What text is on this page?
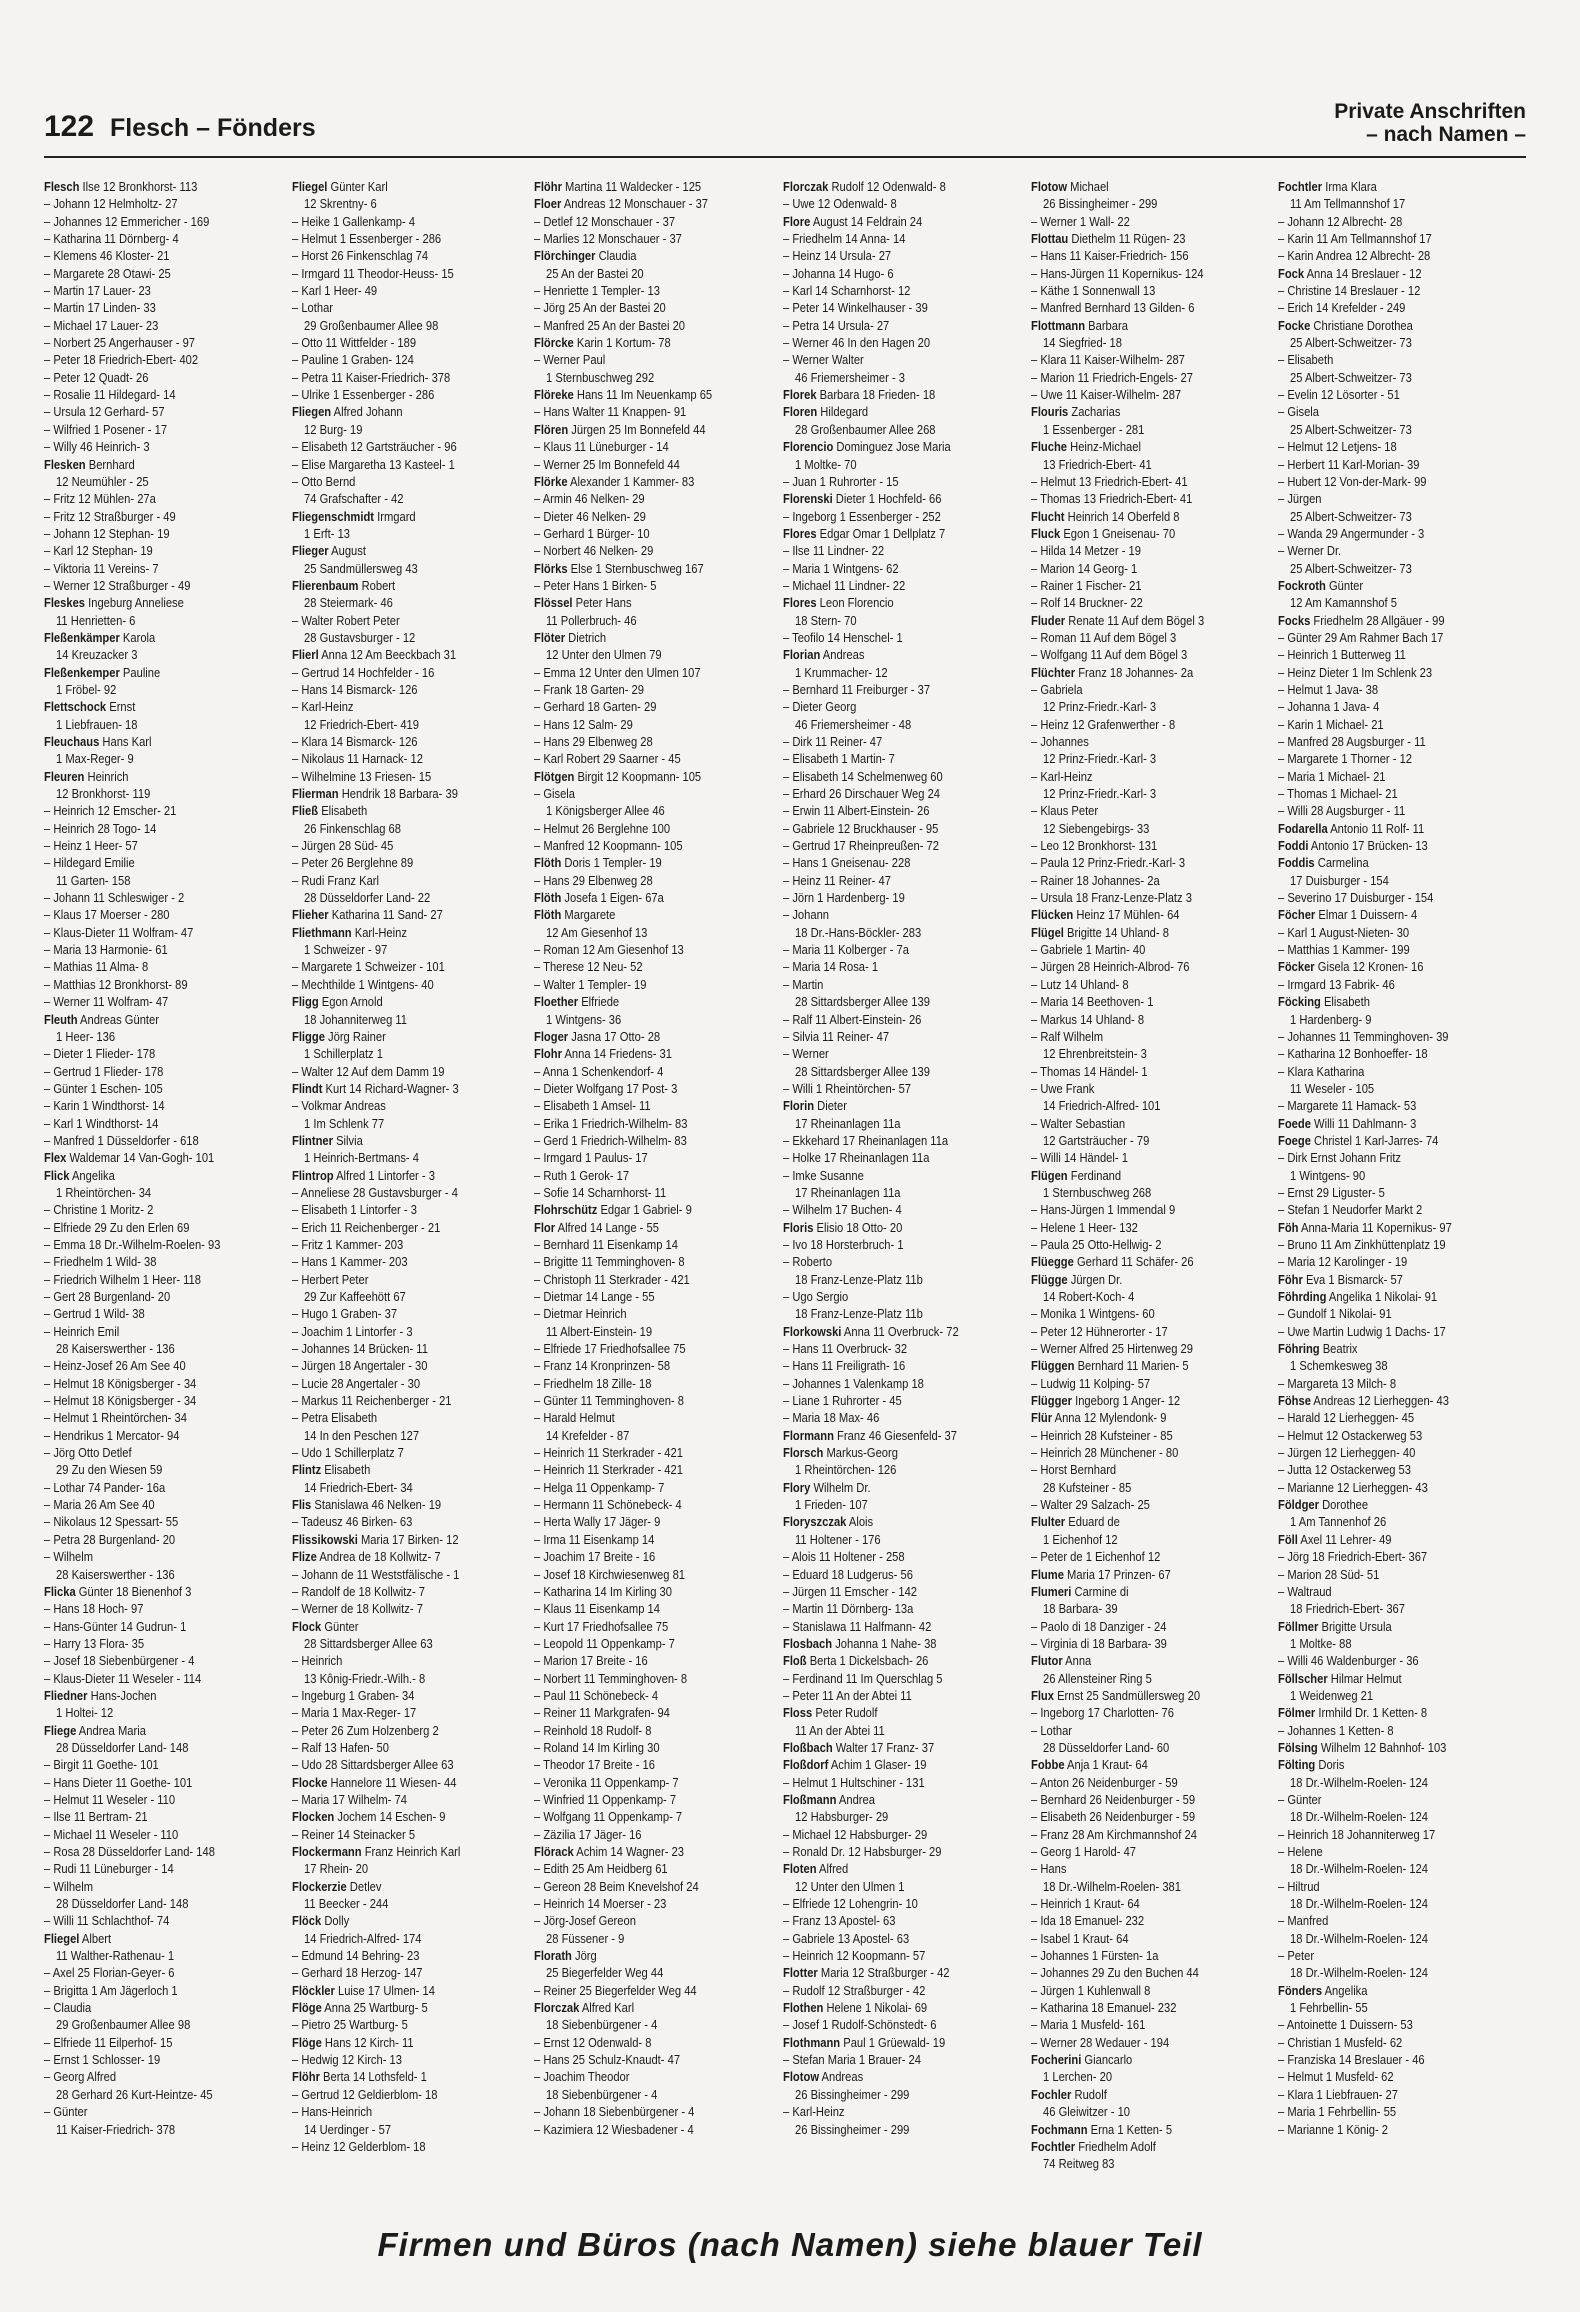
122 Flesch – Fönders
Private Anschriften
– nach Namen –
Flesch Ilse 12 Bronkhorst- 113
– Johann 12 Helmholtz- 27
– Johannes 12 Emmericher - 169
– Katharina 11 Dörnberg- 4
– Klemens 46 Kloster- 21
– Margarete 28 Otawi- 25
– Martin 17 Lauer- 23
– Martin 17 Linden- 33
– Michael 17 Lauer- 23
– Norbert 25 Angerhauser - 97
– Peter 18 Friedrich-Ebert- 402
– Peter 12 Quadt- 26
– Rosalie 11 Hildegard- 14
– Ursula 12 Gerhard- 57
– Wilfried 1 Posener - 17
– Willy 46 Heinrich- 3
Flesken Bernhard
12 Neumühler - 25
– Fritz 12 Mühlen- 27a
– Fritz 12 Straßburger - 49
– Johann 12 Stephan- 19
– Karl 12 Stephan- 19
– Viktoria 11 Vereins- 7
– Werner 12 Straßburger - 49
Fleskes Ingeburg Anneliese
11 Henrietten- 6
Fleßenkämper Karola
14 Kreuzacker 3
Fleßenkemper Pauline
1 Fröbel- 92
Flettschock Ernst
1 Liebfrauen- 18
Fleuchaus Hans Karl
1 Max-Reger- 9
Fleuren Heinrich
12 Bronkhorst- 119
– Heinrich 12 Emscher- 21
– Heinrich 28 Togo- 14
– Heinz 1 Heer- 57
– Hildegard Emilie
11 Garten- 158
– Johann 11 Schleswiger - 2
– Klaus 17 Moerser - 280
– Klaus-Dieter 11 Wolfram- 47
– Maria 13 Harmonie- 61
– Mathias 11 Alma- 8
– Matthias 12 Bronkhorst- 89
– Werner 11 Wolfram- 47
Fleuth Andreas Günter
1 Heer- 136
– Dieter 1 Flieder- 178
– Gertrud 1 Flieder- 178
– Günter 1 Eschen- 105
– Karin 1 Windthorst- 14
– Karl 1 Windthorst- 14
– Manfred 1 Düsseldorfer - 618
Flex Waldemar 14 Van-Gogh- 101
Flick Angelika
1 Rheintörchen- 34
– Christine 1 Moritz- 2
– Elfriede 29 Zu den Erlen 69
– Emma 18 Dr.-Wilhelm-Roelen- 93
– Friedhelm 1 Wild- 38
– Friedrich Wilhelm 1 Heer- 118
– Gert 28 Burgenland- 20
– Gertrud 1 Wild- 38
– Heinrich Emil
28 Kaiserswerther - 136
– Heinz-Josef 26 Am See 40
– Helmut 18 Königsberger - 34
– Helmut 18 Königsberger - 34
– Helmut 1 Rheintörchen- 34
– Hendrikus 1 Mercator- 94
– Jörg Otto Detlef
29 Zu den Wiesen 59
– Lothar 74 Pander- 16a
– Maria 26 Am See 40
– Nikolaus 12 Spessart- 55
– Petra 28 Burgenland- 20
– Wilhelm
28 Kaiserswerther - 136
Flicka Günter 18 Bienenhof 3
– Hans 18 Hoch- 97
– Hans-Günter 14 Gudrun- 1
– Harry 13 Flora- 35
– Josef 18 Siebenbürgener - 4
– Klaus-Dieter 11 Weseler - 114
Fliedner Hans-Jochen
1 Holtei- 12
Fliege Andrea Maria
28 Düsseldorfer Land- 148
– Birgit 11 Goethe- 101
– Hans Dieter 11 Goethe- 101
– Helmut 11 Weseler - 110
– Ilse 11 Bertram- 21
– Michael 11 Weseler - 110
– Rosa 28 Düsseldorfer Land- 148
– Rudi 11 Lüneburger - 14
– Wilhelm
28 Düsseldorfer Land- 148
– Willi 11 Schlachthof- 74
Fliegel Albert
11 Walther-Rathenau- 1
– Axel 25 Florian-Geyer- 6
– Brigitta 1 Am Jägerloch 1
– Claudia
29 Großenbaumer Allee 98
– Elfriede 11 Eilperhof- 15
– Ernst 1 Schlosser- 19
– Georg Alfred
28 Gerhard 26 Kurt-Heintze- 45
– Günter
11 Kaiser-Friedrich- 378
Fliegel Günter Karl
12 Skrentny- 6
– Heike 1 Gallenkamp- 4
– Helmut 1 Essenberger - 286
– Horst 26 Finkenschlag 74
– Irmgard 11 Theodor-Heuss- 15
– Karl 1 Heer- 49
– Lothar
29 Großenbaumer Allee 98
– Otto 11 Wittfelder - 189
– Pauline 1 Graben- 124
– Petra 11 Kaiser-Friedrich- 378
– Ulrike 1 Essenberger - 286
Fliegen Alfred Johann
12 Burg- 19
– Elisabeth 12 Gartsträucher - 96
– Elise Margaretha 13 Kasteel- 1
– Otto Bernd
74 Grafschafter - 42
Fliegenschmidt Irmgard
1 Erft- 13
Flieger August
25 Sandmüllersweg 43
Flierenbaum Robert
28 Steiermark- 46
– Walter Robert Peter
28 Gustavsburger - 12
Flierl Anna 12 Am Beeckbach 31
– Gertrud 14 Hochfelder - 16
– Hans 14 Bismarck- 126
– Karl-Heinz
12 Friedrich-Ebert- 419
– Klara 14 Bismarck- 126
– Nikolaus 11 Harnack- 12
– Wilhelmine 13 Friesen- 15
Flierman Hendrik 18 Barbara- 39
Fließ Elisabeth
26 Finkenschlag 68
– Jürgen 28 Süd- 45
– Peter 26 Berglehne 89
– Rudi Franz Karl
28 Düsseldorfer Land- 22
Flieher Katharina 11 Sand- 27
Fliethmann Karl-Heinz
1 Schweizer - 97
– Margarete 1 Schweizer - 101
– Mechthilde 1 Wintgens- 40
Fligg Egon Arnold
18 Johanniterweg 11
Fligge Jörg Rainer
1 Schillerplatz 1
– Walter 12 Auf dem Damm 19
Flindt Kurt 14 Richard-Wagner- 3
– Volkmar Andreas
1 Im Schlenk 77
Flintner Silvia
1 Heinrich-Bertmans- 4
Flintrop Alfred 1 Lintorfer - 3
– Anneliese 28 Gustavsburger - 4
– Elisabeth 1 Lintorfer - 3
– Erich 11 Reichenberger - 21
– Fritz 1 Kammer- 203
– Hans 1 Kammer- 203
– Herbert Peter
29 Zur Kaffeehött 67
– Hugo 1 Graben- 37
– Joachim 1 Lintorfer - 3
– Johannes 14 Brücken- 11
– Jürgen 18 Angertaler - 30
– Lucie 28 Angertaler - 30
– Markus 11 Reichenberger - 21
– Petra Elisabeth
14 In den Peschen 127
– Udo 1 Schillerplatz 7
Flintz Elisabeth
14 Friedrich-Ebert- 34
Flis Stanislawa 46 Nelken- 19
– Tadeusz 46 Birken- 63
Flissikowski Maria 17 Birken- 12
Flize Andrea de 18 Kollwitz- 7
– Johann de 11 Weststfälische - 1
– Randolf de 18 Kollwitz- 7
– Werner de 18 Kollwitz- 7
Flock Günter
28 Sittardsberger Allee 63
– Heinrich
13 Kônig-Friedr.-Wilh.- 8
– Ingeburg 1 Graben- 34
– Maria 1 Max-Reger- 17
– Peter 26 Zum Holzenberg 2
– Ralf 13 Hafen- 50
– Udo 28 Sittardsberger Allee 63
Flocke Hannelore 11 Wiesen- 44
– Maria 17 Wilhelm- 74
Flocken Jochem 14 Eschen- 9
– Reiner 14 Steinacker 5
Flockermann Franz Heinrich Karl
17 Rhein- 20
Flockerzie Detlev
11 Beecker - 244
Flöck Dolly
14 Friedrich-Alfred- 174
– Edmund 14 Behring- 23
– Gerhard 18 Herzog- 147
Flöckler Luise 17 Ulmen- 14
Flöge Anna 25 Wartburg- 5
– Pietro 25 Wartburg- 5
Flöge Hans 12 Kirch- 11
– Hedwig 12 Kirch- 13
Flöhr Berta 14 Lothsfeld- 1
– Gertrud 12 Geldierblom- 18
– Hans-Heinrich
14 Uerdinger - 57
– Heinz 12 Gelderblom- 18
Flöhr Martina 11 Waldecker - 125
Floer Andreas 12 Monschauer - 37
– Detlef 12 Monschauer - 37
– Marlies 12 Monschauer - 37
Flörchinger Claudia
25 An der Bastei 20
– Henriette 1 Templer- 13
– Jörg 25 An der Bastei 20
– Manfred 25 An der Bastei 20
Flörcke Karin 1 Kortum- 78
– Werner Paul
1 Sternbuschweg 292
Flöreke Hans 11 Im Neuenkamp 65
– Hans Walter 11 Knappen- 91
Flören Jürgen 25 Im Bonnefeld 44
– Klaus 11 Lüneburger - 14
– Werner 25 Im Bonnefeld 44
Flörke Alexander 1 Kammer- 83
– Armin 46 Nelken- 29
– Dieter 46 Nelken- 29
– Gerhard 1 Bürger- 10
– Norbert 46 Nelken- 29
Flörks Else 1 Sternbuschweg 167
– Peter Hans 1 Birken- 5
Flössel Peter Hans
11 Pollerbruch- 46
Flöter Dietrich
12 Unter den Ulmen 79
– Emma 12 Unter den Ulmen 107
– Frank 18 Garten- 29
– Gerhard 18 Garten- 29
– Hans 12 Salm- 29
– Hans 29 Elbenweg 28
– Karl Robert 29 Saarner - 45
Flötgen Birgit 12 Koopmann- 105
– Gisela
1 Königsberger Allee 46
– Helmut 26 Berglehne 100
– Manfred 12 Koopmann- 105
Flöth Doris 1 Templer- 19
– Hans 29 Elbenweg 28
Flöth Josefa 1 Eigen- 67a
Flöth Margarete
12 Am Giesenhof 13
– Roman 12 Am Giesenhof 13
– Therese 12 Neu- 52
– Walter 1 Templer- 19
Floether Elfriede
1 Wintgens- 36
Floger Jasna 17 Otto- 28
Flohr Anna 14 Friedens- 31
– Anna 1 Schenkendorf- 4
– Dieter Wolfgang 17 Post- 3
– Elisabeth 1 Amsel- 11
– Erika 1 Friedrich-Wilhelm- 83
– Gerd 1 Friedrich-Wilhelm- 83
– Irmgard 1 Paulus- 17
– Ruth 1 Gerok- 17
– Sofie 14 Scharnhorst- 11
Flohrschütz Edgar 1 Gabriel- 9
Flor Alfred 14 Lange - 55
– Bernhard 11 Eisenkamp 14
– Brigitte 11 Temminghoven- 8
– Christoph 11 Sterkrader - 421
– Dietmar 14 Lange - 55
– Dietmar Heinrich
11 Albert-Einstein- 19
– Elfriede 17 Friedhofsallee 75
– Franz 14 Kronprinzen- 58
– Friedhelm 18 Zille- 18
– Günter 11 Temminghoven- 8
– Harald Helmut
14 Krefelder - 87
– Heinrich 11 Sterkrader - 421
– Heinrich 11 Sterkrader - 421
– Helga 11 Oppenkamp- 7
– Hermann 11 Schönebeck- 4
– Herta Wally 17 Jäger- 9
– Irma 11 Eisenkamp 14
– Joachim 17 Breite - 16
– Josef 18 Kirchwiesenweg 81
– Katharina 14 Im Kirling 30
– Klaus 11 Eisenkamp 14
– Kurt 17 Friedhofsallee 75
– Leopold 11 Oppenkamp- 7
– Marion 17 Breite - 16
– Norbert 11 Temminghoven- 8
– Paul 11 Schönebeck- 4
– Reiner 11 Markgrafen- 94
– Reinhold 18 Rudolf- 8
– Roland 14 Im Kirling 30
– Theodor 17 Breite - 16
– Veronika 11 Oppenkamp- 7
– Winfried 11 Oppenkamp- 7
– Wolfgang 11 Oppenkamp- 7
– Zäzilia 17 Jäger- 16
Flörack Achim 14 Wagner- 23
– Edith 25 Am Heidberg 61
– Gereon 28 Beim Knevelshof 24
– Heinrich 14 Moerser - 23
– Jörg-Josef Gereon
28 Füssener - 9
Florath Jörg
25 Biegerfelder Weg 44
– Reiner 25 Biegerfelder Weg 44
Florczak Alfred Karl
18 Siebenbürgener - 4
– Ernst 12 Odenwald- 8
– Hans 25 Schulz-Knaudt- 47
– Joachim Theodor
18 Siebenbürgener - 4
– Johann 18 Siebenbürgener - 4
– Kazimiera 12 Wiesbadener - 4
Florczak Rudolf 12 Odenwald- 8
– Uwe 12 Odenwald- 8
Flore August 14 Feldrain 24
– Friedhelm 14 Anna- 14
– Heinz 14 Ursula- 27
– Johanna 14 Hugo- 6
– Karl 14 Scharnhorst- 12
– Peter 14 Winkelhauser - 39
– Petra 14 Ursula- 27
– Werner 46 In den Hagen 20
– Werner Walter
46 Friemersheimer - 3
Florek Barbara 18 Frieden- 18
Floren Hildegard
28 Großenbaumer Allee 268
Florencio Dominguez Jose Maria
1 Moltke- 70
– Juan 1 Ruhrorter - 15
Florenski Dieter 1 Hochfeld- 66
– Ingeborg 1 Essenberger - 252
Flores Edgar Omar 1 Dellplatz 7
– Ilse 11 Lindner- 22
– Maria 1 Wintgens- 62
– Michael 11 Lindner- 22
Flores Leon Florencio
18 Stern- 70
– Teofilo 14 Henschel- 1
Florian Andreas
1 Krummacher- 12
– Bernhard 11 Freiburger - 37
– Dieter Georg
46 Friemersheimer - 48
– Dirk 11 Reiner- 47
– Elisabeth 1 Martin- 7
– Elisabeth 14 Schelmenweg 60
– Erhard 26 Dirschauer Weg 24
– Erwin 11 Albert-Einstein- 26
– Gabriele 12 Bruckhauser - 95
– Gertrud 17 Rheinpreußen- 72
– Hans 1 Gneisenau- 228
– Heinz 11 Reiner- 47
– Jörn 1 Hardenberg- 19
– Johann
18 Dr.-Hans-Böckler- 283
– Maria 11 Kolberger - 7a
– Maria 14 Rosa- 1
– Martin
28 Sittardsberger Allee 139
– Ralf 11 Albert-Einstein- 26
– Silvia 11 Reiner- 47
– Werner
28 Sittardsberger Allee 139
– Willi 1 Rheintörchen- 57
Florin Dieter
17 Rheinanlagen 11a
– Ekkehard 17 Rheinanlagen 11a
– Holke 17 Rheinanlagen 11a
– Imke Susanne
17 Rheinanlagen 11a
– Wilhelm 17 Buchen- 4
Floris Elisio 18 Otto- 20
– Ivo 18 Horsterbruch- 1
– Roberto
18 Franz-Lenze-Platz 11b
– Ugo Sergio
18 Franz-Lenze-Platz 11b
Florkowski Anna 11 Overbruck- 72
– Hans 11 Overbruck- 32
– Hans 11 Freiligrath- 16
– Johannes 1 Valenkamp 18
– Liane 1 Ruhrorter - 45
– Maria 18 Max- 46
Flormann Franz 46 Giesenfeld- 37
Florsch Markus-Georg
1 Rheintörchen- 126
Flory Wilhelm Dr.
1 Frieden- 107
Floryszczak Alois
11 Holtener - 176
– Alois 11 Holtener - 258
– Eduard 18 Ludgerus- 56
– Jürgen 11 Emscher - 142
– Martin 11 Dörnberg- 13a
– Stanislawa 11 Halfmann- 42
Flosbach Johanna 1 Nahe- 38
Floß Berta 1 Dickelsbach- 26
– Ferdinand 11 Im Querschlag 5
– Peter 11 An der Abtei 11
Floss Peter Rudolf
11 An der Abtei 11
Floßbach Walter 17 Franz- 37
Floßdorf Achim 1 Glaser- 19
– Helmut 1 Hultschiner - 131
Floßmann Andrea
12 Habsburger- 29
– Michael 12 Habsburger- 29
– Ronald Dr. 12 Habsburger- 29
Floten Alfred
12 Unter den Ulmen 1
– Elfriede 12 Lohengrin- 10
– Franz 13 Apostel- 63
– Gabriele 13 Apostel- 63
– Heinrich 12 Koopmann- 57
Flotter Maria 12 Straßburger - 42
– Rudolf 12 Straßburger - 42
Flothen Helene 1 Nikolai- 69
– Josef 1 Rudolf-Schönstedt- 6
Flothmann Paul 1 Grüewald- 19
– Stefan Maria 1 Brauer- 24
Flotow Andreas
26 Bissingheimer - 299
– Karl-Heinz
26 Bissingheimer - 299
Flotow Michael
26 Bissingheimer - 299
– Werner 1 Wall- 22
Flottau Diethelm 11 Rügen- 23
– Hans 11 Kaiser-Friedrich- 156
– Hans-Jürgen 11 Kopernikus- 124
– Käthe 1 Sonnenwall 13
– Manfred Bernhard 13 Gilden- 6
Flottmann Barbara
14 Siegfried- 18
– Klara 11 Kaiser-Wilhelm- 287
– Marion 11 Friedrich-Engels- 27
– Uwe 11 Kaiser-Wilhelm- 287
Flouris Zacharias
1 Essenberger - 281
Fluche Heinz-Michael
13 Friedrich-Ebert- 41
– Helmut 13 Friedrich-Ebert- 41
– Thomas 13 Friedrich-Ebert- 41
Flucht Heinrich 14 Oberfeld 8
Fluck Egon 1 Gneisenau- 70
– Hilda 14 Metzer - 19
– Marion 14 Georg- 1
– Rainer 1 Fischer- 21
– Rolf 14 Bruckner- 22
Fluder Renate 11 Auf dem Bögel 3
– Roman 11 Auf dem Bögel 3
– Wolfgang 11 Auf dem Bögel 3
Flüchter Franz 18 Johannes- 2a
– Gabriela
12 Prinz-Friedr.-Karl- 3
– Heinz 12 Grafenwerther - 8
– Johannes
12 Prinz-Friedr.-Karl- 3
– Karl-Heinz
12 Prinz-Friedr.-Karl- 3
– Klaus Peter
12 Siebengebirgs- 33
– Leo 12 Bronkhorst- 131
– Paula 12 Prinz-Friedr.-Karl- 3
– Rainer 18 Johannes- 2a
– Ursula 18 Franz-Lenze-Platz 3
Flücken Heinz 17 Mühlen- 64
Flügel Brigitte 14 Uhland- 8
– Gabriele 1 Martin- 40
– Jürgen 28 Heinrich-Albrod- 76
– Lutz 14 Uhland- 8
– Maria 14 Beethoven- 1
– Markus 14 Uhland- 8
– Ralf Wilhelm
12 Ehrenbreitstein- 3
– Thomas 14 Händel- 1
– Uwe Frank
14 Friedrich-Alfred- 101
– Walter Sebastian
12 Gartsträucher - 79
– Willi 14 Händel- 1
Flügen Ferdinand
1 Sternbuschweg 268
– Hans-Jürgen 1 Immendal 9
– Helene 1 Heer- 132
– Paula 25 Otto-Hellwig- 2
Flüegge Gerhard 11 Schäfer- 26
Flügge Jürgen Dr.
14 Robert-Koch- 4
– Monika 1 Wintgens- 60
– Peter 12 Hühnerorter - 17
– Werner Alfred 25 Hirtenweg 29
Flüggen Bernhard 11 Marien- 5
– Ludwig 11 Kolping- 57
Flügger Ingeborg 1 Anger- 12
Flür Anna 12 Mylendonk- 9
– Heinrich 28 Kufsteiner - 85
– Heinrich 28 Münchener - 80
– Horst Bernhard
28 Kufsteiner - 85
– Walter 29 Salzach- 25
Flulter Eduard de
1 Eichenhof 12
– Peter de 1 Eichenhof 12
Flume Maria 17 Prinzen- 67
Flumeri Carmine di
18 Barbara- 39
– Paolo di 18 Danziger - 24
– Virginia di 18 Barbara- 39
Flutor Anna
26 Allensteiner Ring 5
Flux Ernst 25 Sandmüllersweg 20
– Ingeborg 17 Charlotten- 76
– Lothar
28 Düsseldorfer Land- 60
Fobbe Anja 1 Kraut- 64
– Anton 26 Neidenburger - 59
– Bernhard 26 Neidenburger - 59
– Elisabeth 26 Neidenburger - 59
– Franz 28 Am Kirchmannshof 24
– Georg 1 Harold- 47
– Hans
18 Dr.-Wilhelm-Roelen- 381
– Heinrich 1 Kraut- 64
– Ida 18 Emanuel- 232
– Isabel 1 Kraut- 64
– Johannes 1 Fürsten- 1a
– Johannes 29 Zu den Buchen 44
– Jürgen 1 Kuhlenwall 8
– Katharina 18 Emanuel- 232
– Maria 1 Musfeld- 161
– Werner 28 Wedauer - 194
Focherini Giancarlo
1 Lerchen- 20
Fochler Rudolf
46 Gleiwitzer - 10
Fochmann Erna 1 Ketten- 5
Fochtler Friedhelm Adolf
74 Reitweg 83
Fochtler Irma Klara
11 Am Tellmannshof 17
– Johann 12 Albrecht- 28
– Karin 11 Am Tellmannshof 17
– Karin Andrea 12 Albrecht- 28
Fock Anna 14 Breslauer - 12
– Christine 14 Breslauer - 12
– Erich 14 Krefelder - 249
Focke Christiane Dorothea
25 Albert-Schweitzer- 73
– Elisabeth
25 Albert-Schweitzer- 73
– Evelin 12 Lösorter - 51
– Gisela
25 Albert-Schweitzer- 73
– Helmut 12 Letjens- 18
– Herbert 11 Karl-Morian- 39
– Hubert 12 Von-der-Mark- 99
– Jürgen
25 Albert-Schweitzer- 73
– Wanda 29 Angermunder - 3
– Werner Dr.
25 Albert-Schweitzer- 73
Fockroth Günter
12 Am Kamannshof 5
Focks Friedhelm 28 Allgäuer - 99
– Günter 29 Am Rahmer Bach 17
– Heinrich 1 Butterweg 11
– Heinz Dieter 1 Im Schlenk 23
– Helmut 1 Java- 38
– Johanna 1 Java- 4
– Karin 1 Michael- 21
– Manfred 28 Augsburger - 11
– Margarete 1 Thorner - 12
– Maria 1 Michael- 21
– Thomas 1 Michael- 21
– Willi 28 Augsburger - 11
Fodarella Antonio 11 Rolf- 11
Foddi Antonio 17 Brücken- 13
Foddis Carmelina
17 Duisburger - 154
– Severino 17 Duisburger - 154
Föcher Elmar 1 Duissern- 4
– Karl 1 August-Nieten- 30
– Matthias 1 Kammer- 199
Föcker Gisela 12 Kronen- 16
– Irmgard 13 Fabrik- 46
Föcking Elisabeth
1 Hardenberg- 9
– Johannes 11 Temminghoven- 39
– Katharina 12 Bonhoeffer- 18
– Klara Katharina
11 Weseler - 105
– Margarete 11 Hamack- 53
Foede Willi 11 Dahlmann- 3
Foege Christel 1 Karl-Jarres- 74
– Dirk Ernst Johann Fritz
1 Wintgens- 90
– Ernst 29 Liguster- 5
– Stefan 1 Neudorfer Markt 2
Föh Anna-Maria 11 Kopernikus- 97
– Bruno 11 Am Zinkhüttenplatz 19
– Maria 12 Karolinger - 19
Föhr Eva 1 Bismarck- 57
Föhrding Angelika 1 Nikolai- 91
– Gundolf 1 Nikolai- 91
– Uwe Martin Ludwig 1 Dachs- 17
Föhring Beatrix
1 Schemkesweg 38
– Margareta 13 Milch- 8
Föhse Andreas 12 Lierheggen- 43
– Harald 12 Lierheggen- 45
– Helmut 12 Ostackerweg 53
– Jürgen 12 Lierheggen- 40
– Jutta 12 Ostackerweg 53
– Marianne 12 Lierheggen- 43
Földger Dorothee
1 Am Tannenhof 26
Föll Axel 11 Lehrer- 49
– Jörg 18 Friedrich-Ebert- 367
– Marion 28 Süd- 51
– Waltraud
18 Friedrich-Ebert- 367
Föllmer Brigitte Ursula
1 Moltke- 88
– Willi 46 Waldenburger - 36
Föllscher Hilmar Helmut
1 Weidenweg 21
Fölmer Irmhild Dr. 1 Ketten- 8
– Johannes 1 Ketten- 8
Fölsing Wilhelm 12 Bahnhof- 103
Fölting Doris
18 Dr.-Wilhelm-Roelen- 124
– Günter
18 Dr.-Wilhelm-Roelen- 124
– Heinrich 18 Johanniterweg 17
– Helene
18 Dr.-Wilhelm-Roelen- 124
– Hiltrud
18 Dr.-Wilhelm-Roelen- 124
– Manfred
18 Dr.-Wilhelm-Roelen- 124
– Peter
18 Dr.-Wilhelm-Roelen- 124
Fönders Angelika
1 Fehrbellin- 55
– Antoinette 1 Duissern- 53
– Christian 1 Musfeld- 62
– Franziska 14 Breslauer - 46
– Helmut 1 Musfeld- 62
– Klara 1 Liebfrauen- 27
– Maria 1 Fehrbellin- 55
– Marianne 1 König- 2
Firmen und Büros (nach Namen) siehe blauer Teil
